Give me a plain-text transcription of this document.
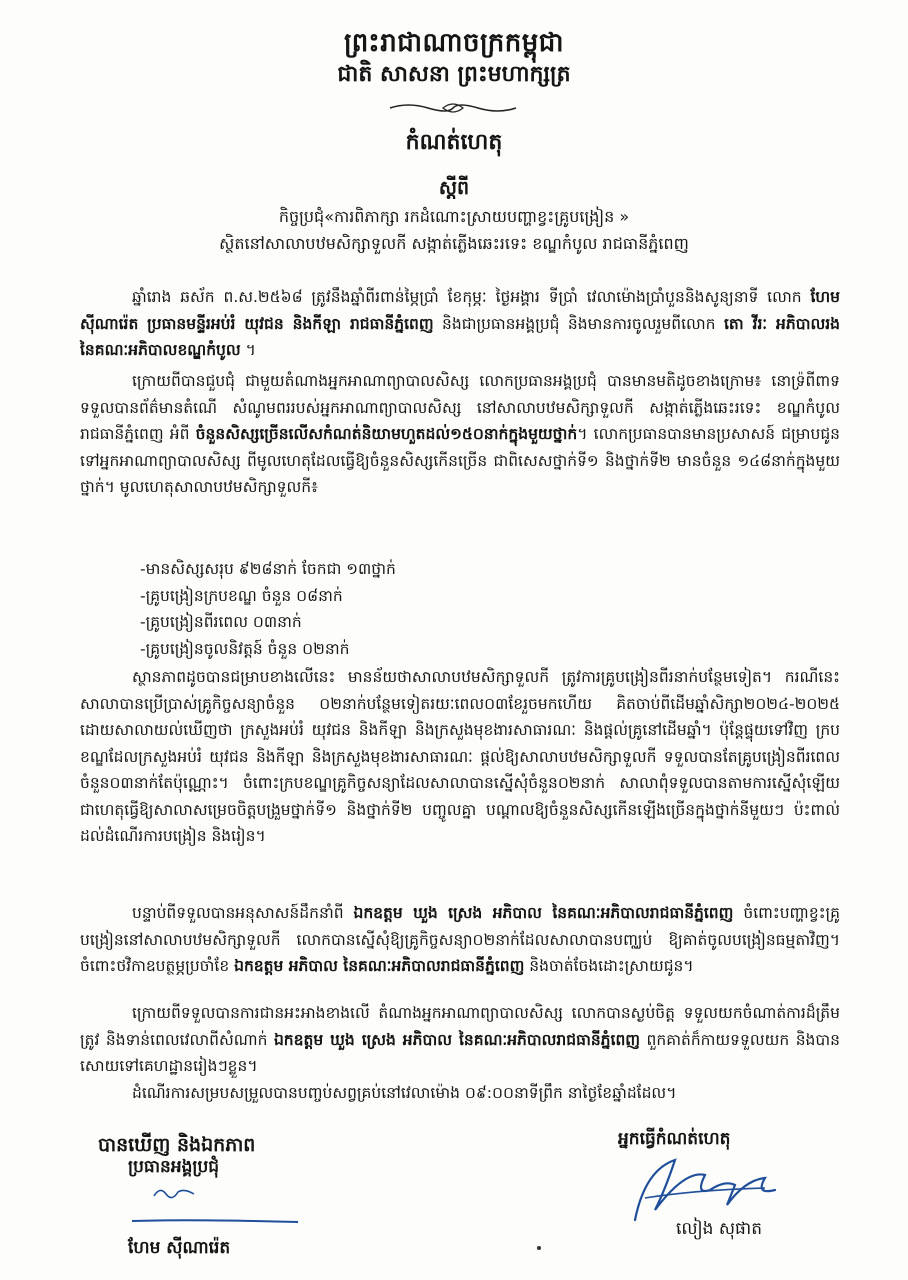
ព្រះរាជាណាចក្រកម្ពុជា
ជាតិ សាសនា ព្រះមហាក្សត្រ
កំណត់ហេតុ
ស្តីពី
កិច្ចប្រជុំ«ការពិភាក្សា រកដំណោះស្រាយបញ្ហាខ្វះគ្រូបង្រៀន »
ស្ថិតនៅសាលាបឋមសិក្សាទួលកី សង្កាត់ភ្លើងឆេះរទេះ ខណ្ឌកំបូល រាជធានីភ្នំពេញ

ឆ្នាំរោង ឆស័ក ព.ស.២៥៦៨ ត្រូវនឹងឆ្នាំពីរពាន់ម្ភៃប្រាំ ខែកុម្ភៈ ថ្ងៃអង្គារ ទីប្រាំ វេលាម៉ោងប្រាំបួននិងសូន្យនាទី លោក ហែម ស៊ីណារ៉េត ប្រធានមន្ទីរអប់រំ យុវជន និងកីឡា រាជធានីភ្នំពេញ និងជាប្រធានអង្គប្រជុំ និងមានការចូលរួមពីលោក តោ វីរៈ អភិបាលរង នៃគណៈអភិបាលខណ្ឌកំបូល ។

ក្រោយពីបានជួបជុំ ជាមួយតំណាងអ្នកអាណាព្យាបាលសិស្ស លោកប្រធានអង្គប្រជុំ បានមានមតិដូចខាងក្រោម៖ នោទ្រ៉ពីពាទទទួលបានព័ត៌មានតំណើ សំណូមពររបស់អ្នកអាណាព្យាបាលសិស្ស នៅសាលាបឋមសិក្សាទួលកី សង្កាត់ភ្លើងឆេះរទេះ ខណ្ឌកំបូល រាជធានីភ្នំពេញ អំពី ចំនួនសិស្សច្រើនលើសកំណត់និយាមហួតដល់១៥០នាក់ក្នុងមួយថ្នាក់។ លោកប្រធានបានមានប្រសាសន៍ ជម្រាបជូនទៅអ្នកអាណាព្យាបាលសិស្ស ពីមូលហេតុដែលធ្វើឱ្យចំនួនសិស្សកើនច្រើន ជាពិសេសថ្នាក់ទី១ និងថ្នាក់ទី២ មានចំនួន ១៤៨នាក់ក្នុងមួយថ្នាក់។ មូលហេតុសាលាបឋមសិក្សាទួលកី៖

-មានសិស្សសរុប ៩២៨នាក់ ចែកជា ១៣ថ្នាក់

-គ្រូបង្រៀនក្របខណ្ឌ ចំនួន ០៨នាក់

-គ្រូបង្រៀនពីរពេល ០៣នាក់

-គ្រូបង្រៀនចូលនិវត្តន៍ ចំនួន ០២នាក់

ស្ថានភាពដូចបានជម្រាបខាងលើនេះ មានន័យថាសាលាបឋមសិក្សាទួលកី ត្រូវការគ្រូបង្រៀនពីរនាក់បន្ថែមទៀត។ ករណីនេះ សាលាបានប្រើប្រាស់គ្រូកិច្ចសន្យាចំនួន ០២នាក់បន្ថែមទៀតរយៈពេល០៣ខែរួចមកហើយ គិតចាប់ពីដើមឆ្នាំសិក្សា២០២៤-២០២៥ ដោយសាលាយល់ឃើញថា ក្រសួងអប់រំ យុវជន និងកីឡា និងក្រសួងមុខងារសាធារណៈ និងផ្តល់គ្រូនៅដើមឆ្នាំ។ ប៉ុន្តែផ្ទុយទៅវិញ ក្របខណ្ឌដែលក្រសួងអប់រំ យុវជន និងកីឡា និងក្រសួងមុខងារសាធារណៈ ផ្តល់ឱ្យសាលាបឋមសិក្សាទួលកី ទទួលបានតែគ្រូបង្រៀនពីរពេល ចំនួន០៣នាក់តែប៉ុណ្ណោះ។ ចំពោះក្របខណ្ឌគ្រូកិច្ចសន្យាដែលសាលាបានស្នើសុំចំនួន០២នាក់ សាលាពុំទទួលបានតាមការស្នើសុំឡើយ ជាហេតុធ្វើឱ្យសាលាសម្រេចចិត្តបង្រួមថ្នាក់ទី១ និងថ្នាក់ទី២ បញ្ចូលគ្នា បណ្តាលឱ្យចំនួនសិស្សកើនឡើងច្រើនក្នុងថ្នាក់នីមួយៗ ប៉ះពាល់ដល់ដំណើរការបង្រៀន និងរៀន។

បន្ទាប់ពីទទួលបានអនុសាសន៍ដឹកនាំពី ឯកឧត្តម ឃួង ស្រេង អភិបាល នៃគណៈអភិបាលរាជធានីភ្នំពេញ ចំពោះបញ្ហាខ្វះគ្រូបង្រៀននៅសាលាបឋមសិក្សាទួលកី លោកបានស្នើសុំឱ្យគ្រូកិច្ចសន្យា០២នាក់ដែលសាលាបានបញ្ឈប់ ឱ្យគាត់ចូលបង្រៀនធម្មតាវិញ។ ចំពោះថវិកាឧបត្ថម្ភប្រចាំខែ ឯកឧត្តម អភិបាល នៃគណៈអភិបាលរាជធានីភ្នំពេញ និងចាត់ចែងដោះស្រាយជូន។

ក្រោយពីទទួលបានការជានអះអាងខាងលើ តំណាងអ្នកអាណាព្យាបាលសិស្ស លោកបានស្ងប់ចិត្ត ទទួលយកចំណាត់ការដ៏ត្រឹមត្រូវ និងទាន់ពេលវេលាពីសំណាក់ ឯកឧត្តម ឃួង ស្រេង អភិបាល នៃគណៈអភិបាលរាជធានីភ្នំពេញ ពួកគាត់ក៏កាយទទួលយក និងបានសោយទៅគេហដ្ឋានរៀងៗខ្លួន។

ដំណើរការសម្របសម្រួលបានបញ្ចប់សព្វគ្រប់នៅវេលាម៉ោង ០៩:០០នាទីព្រឹក នាថ្ងៃខែឆ្នាំដដែល។

បានឃើញ និងឯកភាព
ប្រធានអង្គប្រជុំ
ហែម ស៊ីណារ៉េត
អ្នកធ្វើកំណត់ហេតុ
លៀង សុផាត
